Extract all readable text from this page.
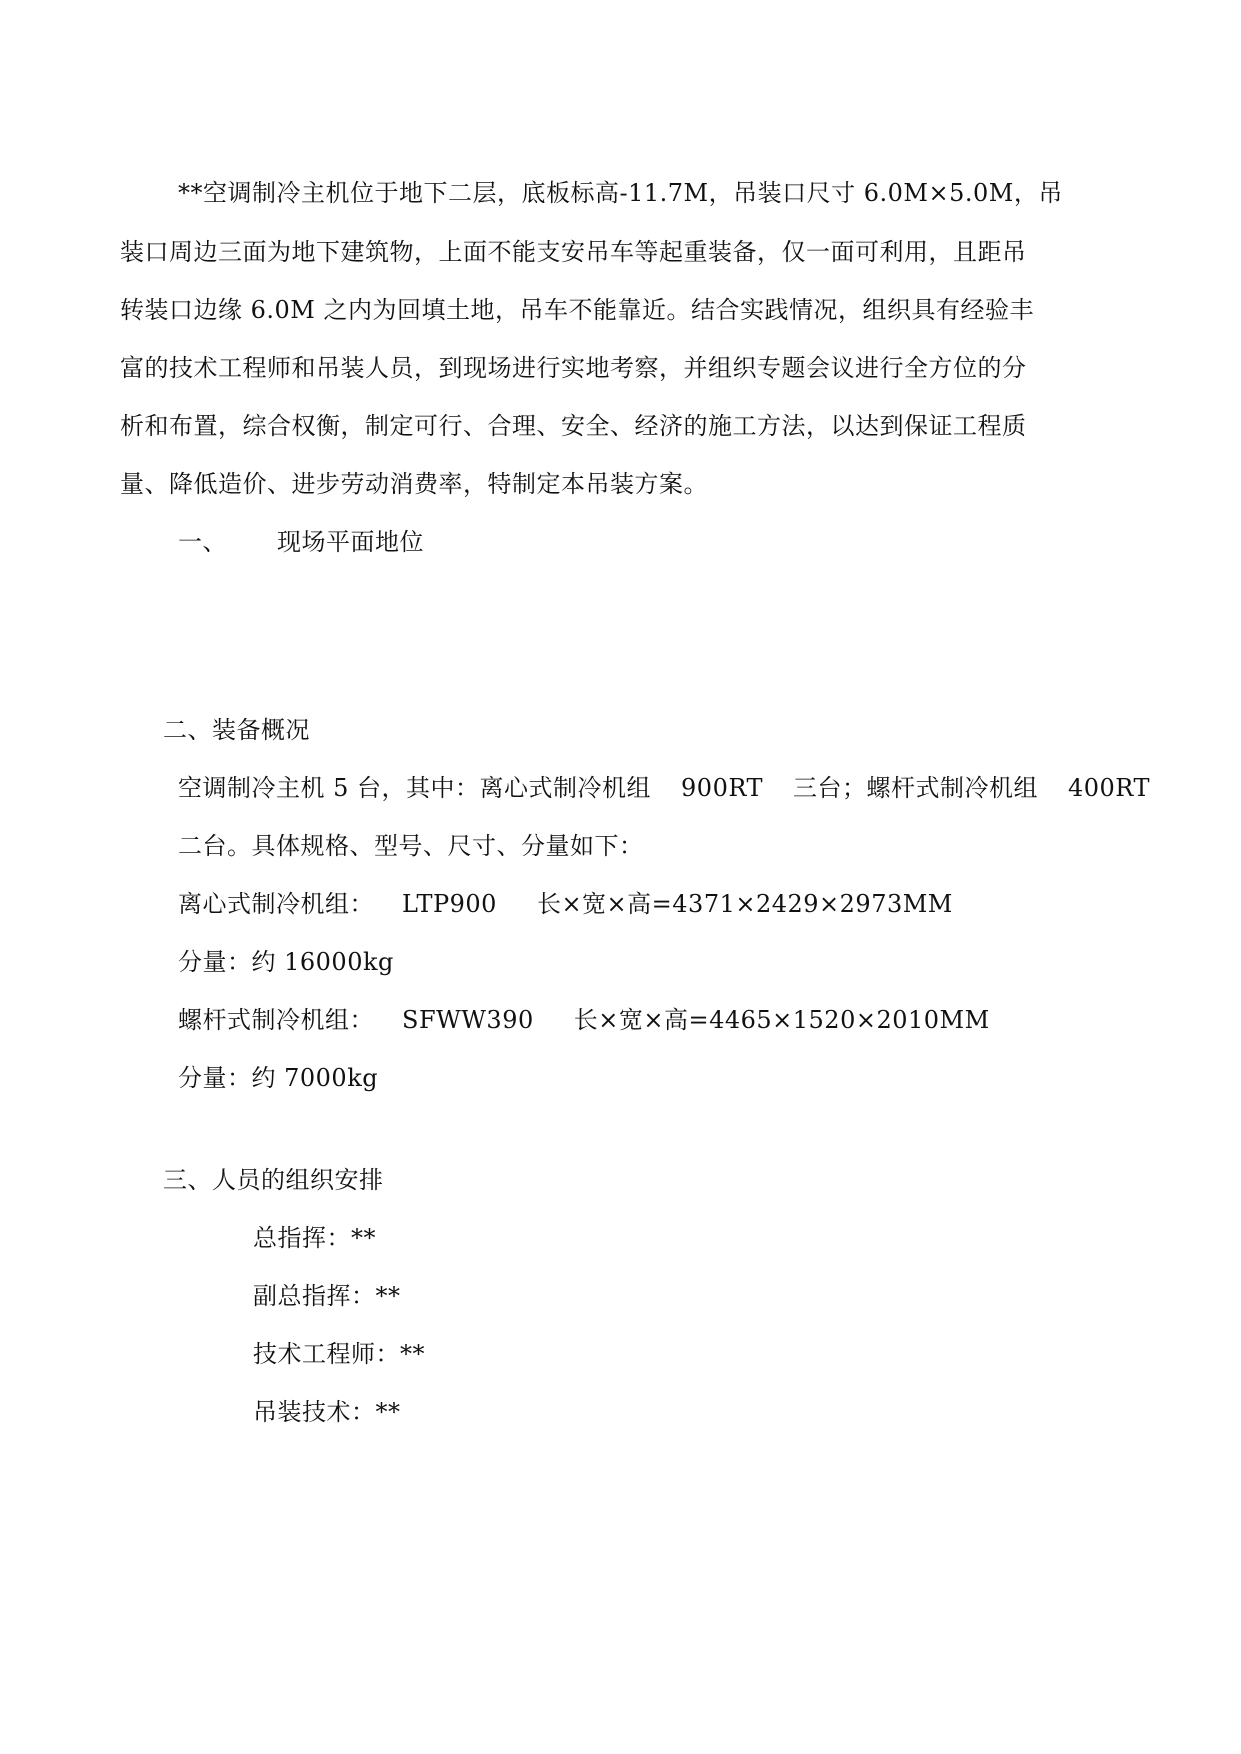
**空调制冷主机位于地下二层，底板标高-11.7M，吊装口尺寸 6.0M×5.0M，吊
装口周边三面为地下建筑物，上面不能支安吊车等起重装备，仅一面可利用，且距吊
转装口边缘 6.0M 之内为回填土地，吊车不能靠近。结合实践情况，组织具有经验丰
富的技术工程师和吊装人员，到现场进行实地考察，并组织专题会议进行全方位的分
析和布置，综合权衡，制定可行、合理、安全、经济的施工方法，以达到保证工程质
量、降低造价、进步劳动消费率，特制定本吊装方案。
一、 现场平面地位
二、装备概况
空调制冷主机 5 台，其中：离心式制冷机组 900RT 三台；螺杆式制冷机组 400RT
二台。具体规格、型号、尺寸、分量如下：
离心式制冷机组： LTP900 长×宽×高=4371×2429×2973MM
分量：约 16000kg
螺杆式制冷机组： SFWW390 长×宽×高=4465×1520×2010MM
分量：约 7000kg
三、人员的组织安排
总指挥：**
副总指挥：**
技术工程师：**
吊装技术：**
